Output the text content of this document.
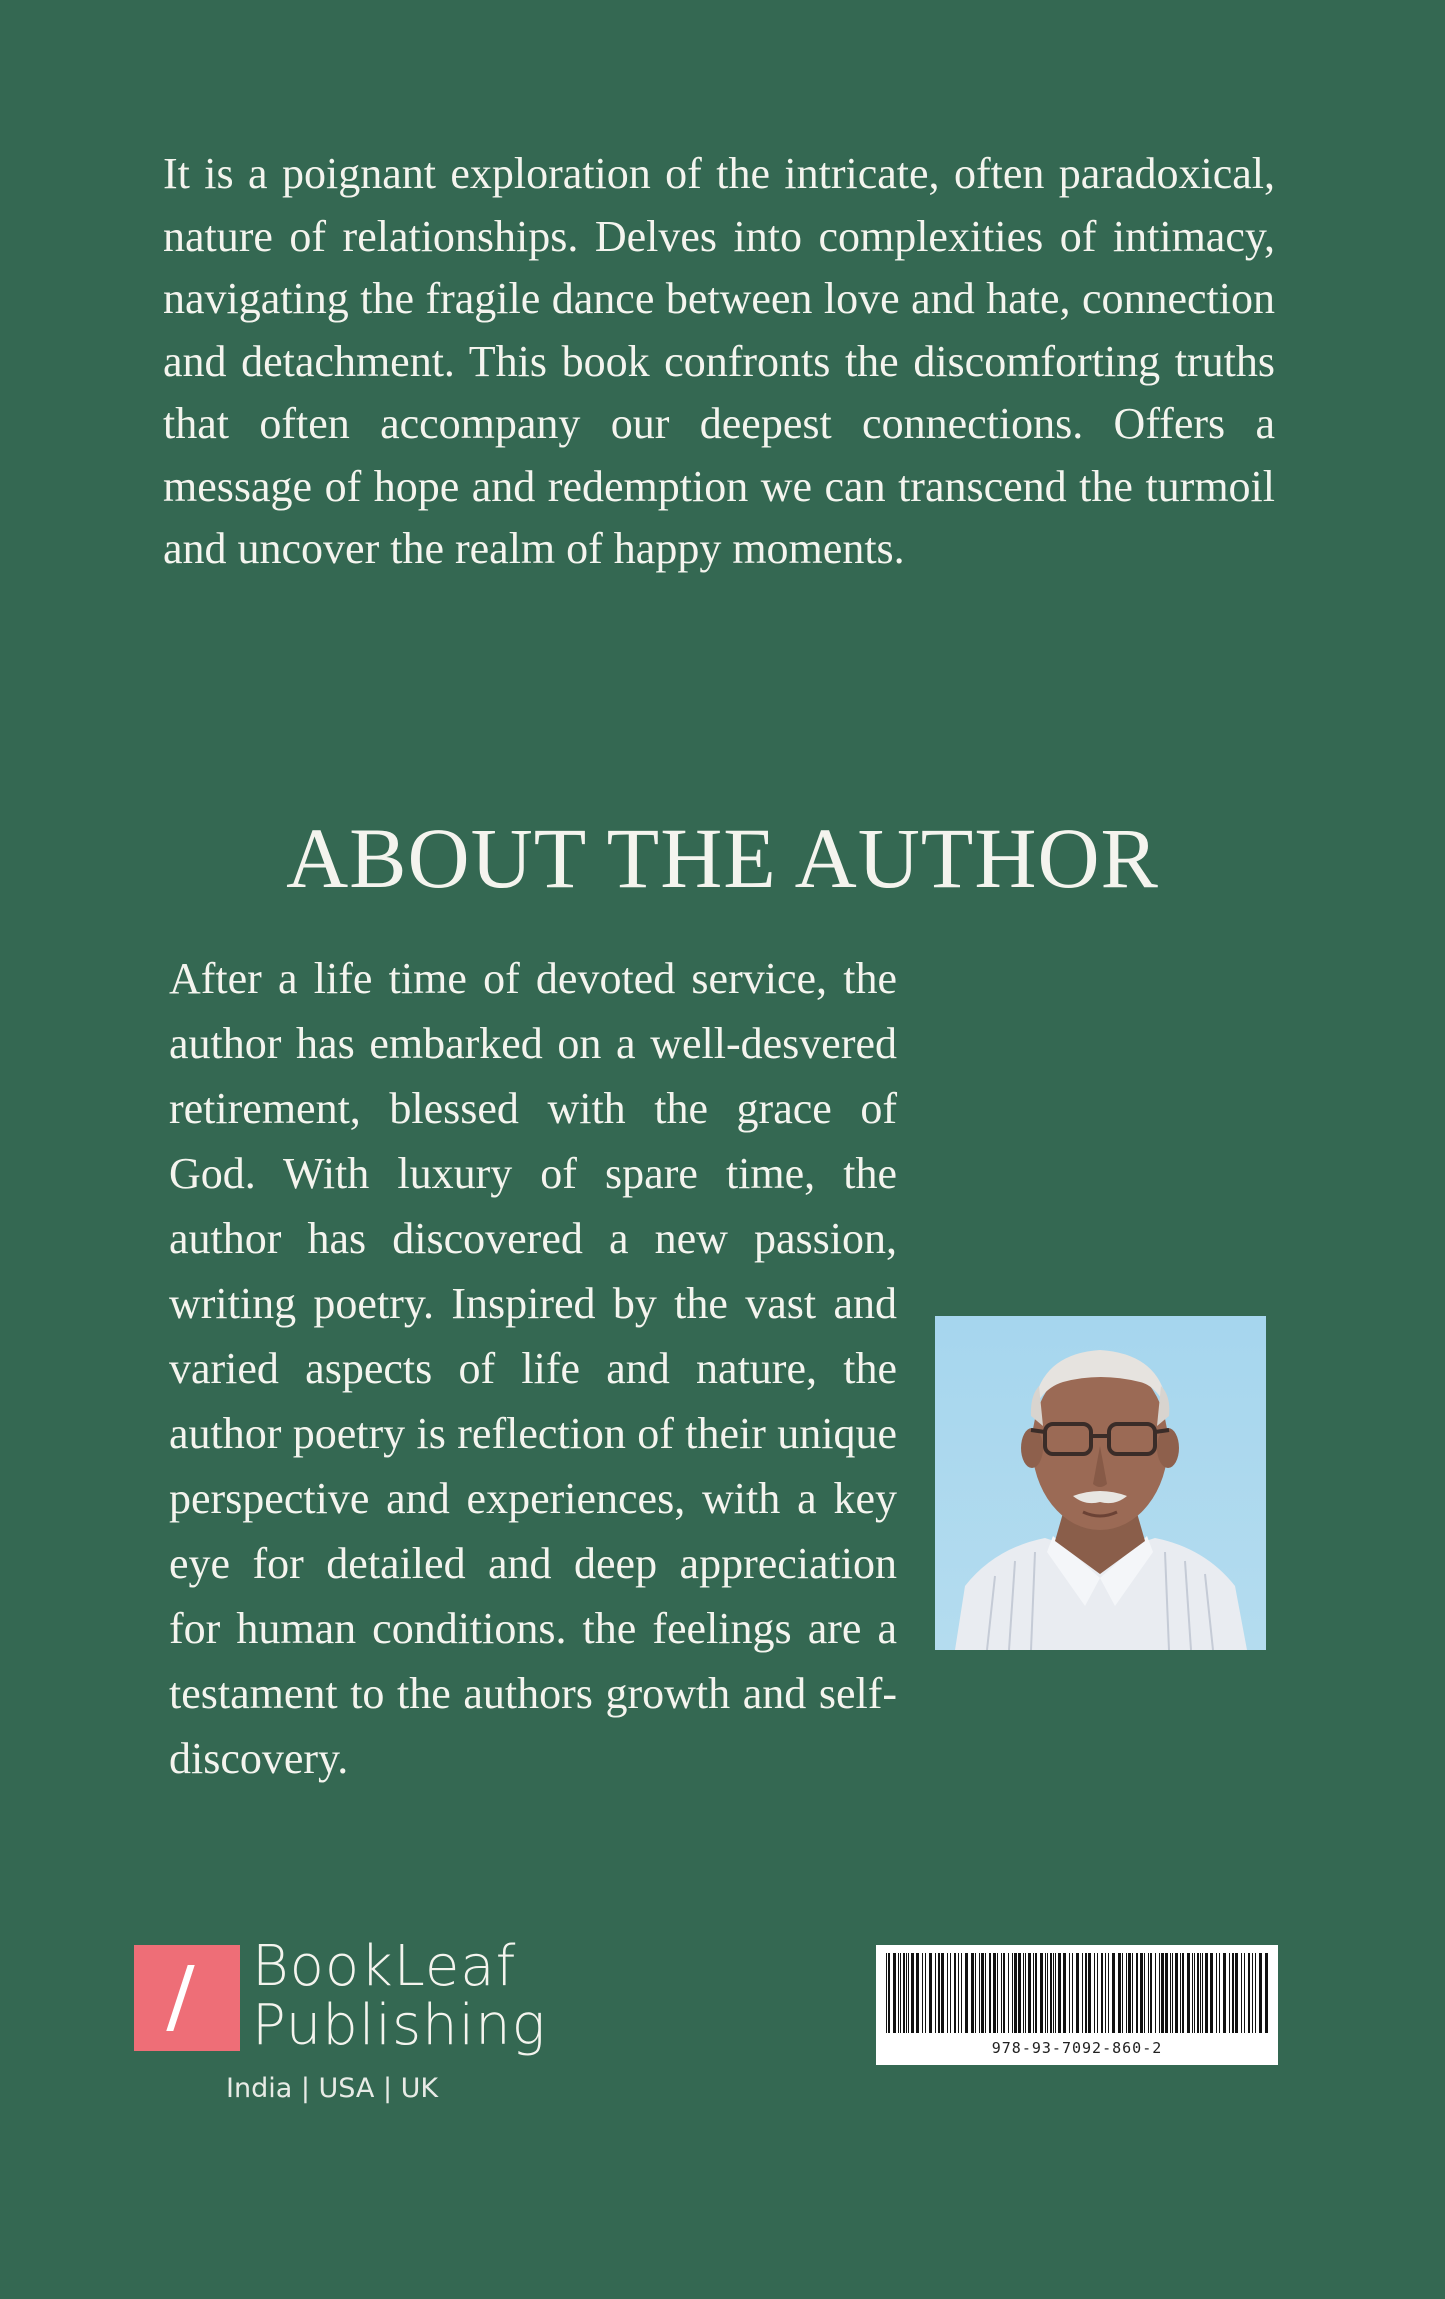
It is a poignant exploration of the intricate, often paradoxical, nature of relationships. Delves into complexities of intimacy, navigating the fragile dance between love and hate, connection and detachment. This book confronts the discomforting truths that often accompany our deepest connections. Offers a message of hope and redemption we can transcend the turmoil and uncover the realm of happy moments.

ABOUT THE AUTHOR

After a life time of devoted service, the author has embarked on a well-desvered retirement, blessed with the grace of God. With luxury of spare time, the author has discovered a new passion, writing poetry. Inspired by the vast and varied aspects of life and nature, the author poetry is reflection of their unique perspective and experiences, with a key eye for detailed and deep appreciation for human conditions. the feelings are a testament to the authors growth and self-discovery.

BookLeaf
Publishing
India | USA | UK
978-93-7092-860-2
